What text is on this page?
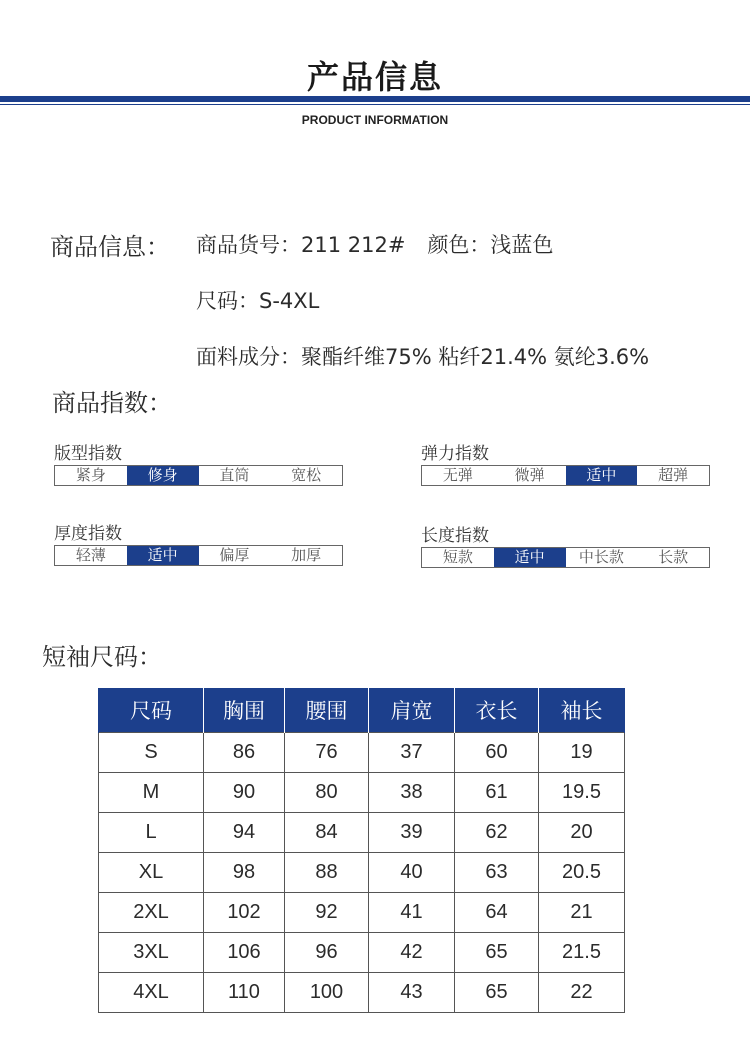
产品信息
PRODUCT INFORMATION
商品信息： 商品货号：211 212# 颜色：浅蓝色
尺码：S-4XL
面料成分：聚酯纤维75% 粘纤21.4% 氨纶3.6%
商品指数：
版型指数
紧身	修身	直筒	宽松
弹力指数
无弹	微弹	适中	超弹
厚度指数
轻薄	适中	偏厚	加厚
长度指数
短款	适中	中长款	长款
短袖尺码：
尺码	胸围	腰围	肩宽	衣长	袖长
S	86	76	37	60	19
M	90	80	38	61	19.5
L	94	84	39	62	20
XL	98	88	40	63	20.5
2XL	102	92	41	64	21
3XL	106	96	42	65	21.5
4XL	110	100	43	65	22
